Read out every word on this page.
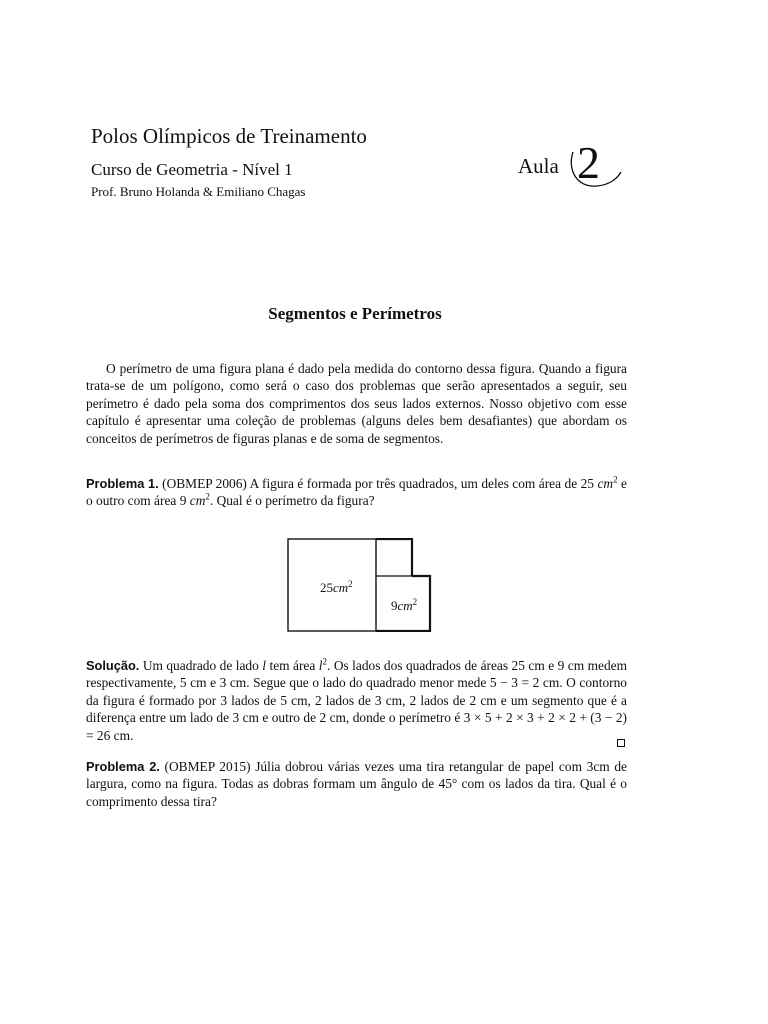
Polos Olímpicos de Treinamento
Curso de Geometria - Nível 1
Prof. Bruno Holanda & Emiliano Chagas
Aula 2
Segmentos e Perímetros
O perímetro de uma figura plana é dado pela medida do contorno dessa figura. Quando a figura trata-se de um polígono, como será o caso dos problemas que serão apresentados a seguir, seu perímetro é dado pela soma dos comprimentos dos seus lados externos. Nosso objetivo com esse capítulo é apresentar uma coleção de problemas (alguns deles bem desafiantes) que abordam os conceitos de perímetros de figuras planas e de soma de segmentos.
Problema 1. (OBMEP 2006) A figura é formada por três quadrados, um deles com área de 25 $cm^2$ e o outro com área 9 $cm^2$. Qual é o perímetro da figura?
$25cm^2$
$9cm^2$
Solução. Um quadrado de lado l tem área $l^2$. Os lados dos quadrados de áreas 25 cm e 9 cm medem respectivamente, 5 cm e 3 cm. Segue que o lado do quadrado menor mede 5 − 3 = 2 cm. O contorno da figura é formado por 3 lados de 5 cm, 2 lados de 3 cm, 2 lados de 2 cm e um segmento que é a diferença entre um lado de 3 cm e outro de 2 cm, donde o perímetro é 3 × 5 + 2 × 3 + 2 × 2 + (3 − 2) = 26 cm.
Problema 2. (OBMEP 2015) Júlia dobrou várias vezes uma tira retangular de papel com 3cm de largura, como na figura. Todas as dobras formam um ângulo de 45° com os lados da tira. Qual é o comprimento dessa tira?
